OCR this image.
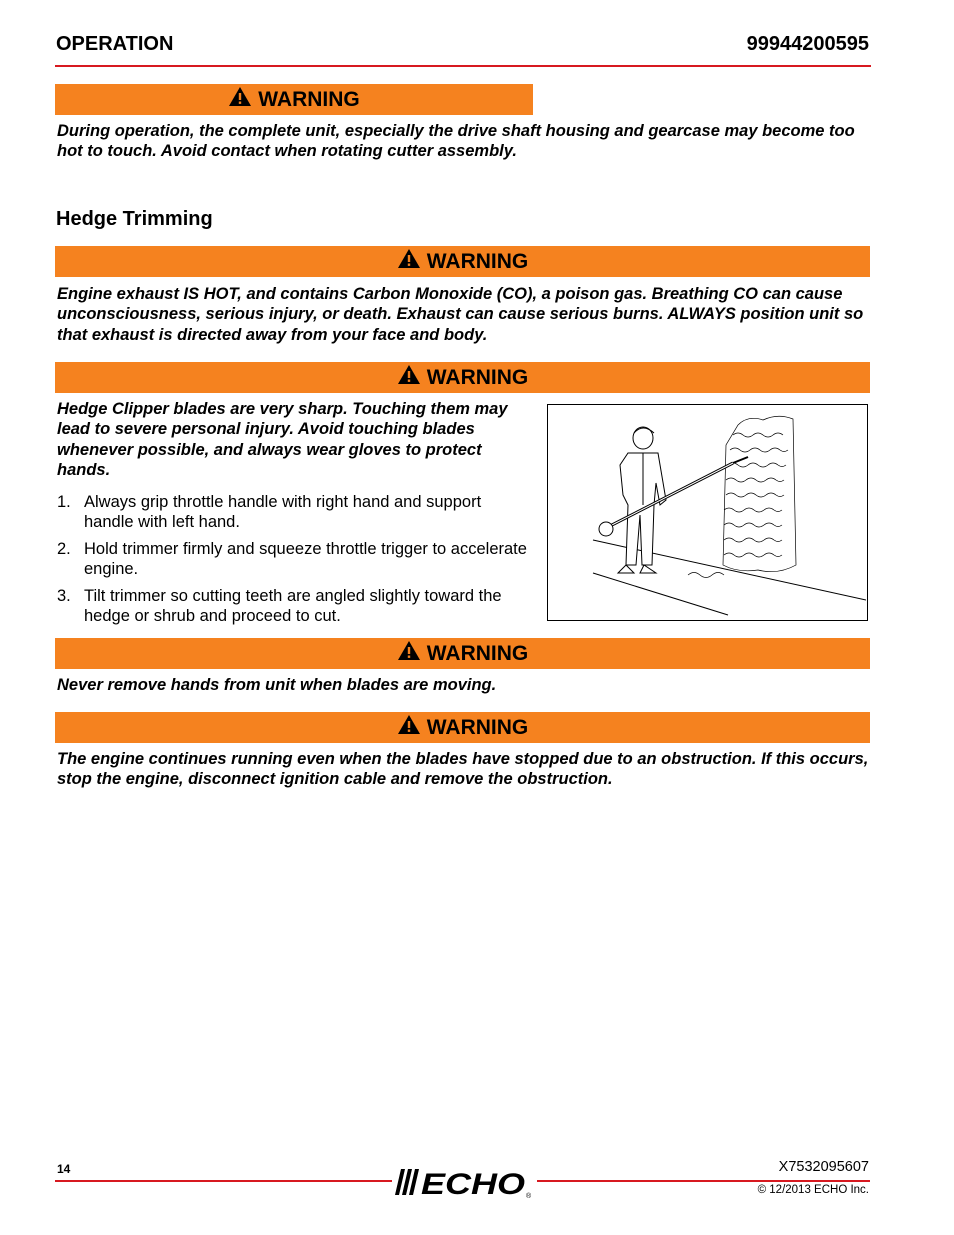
OPERATION	99944200595
WARNING
During operation, the complete unit, especially the drive shaft housing and gearcase may become too hot to touch. Avoid contact when rotating cutter assembly.
Hedge Trimming
WARNING
Engine exhaust IS HOT, and contains Carbon Monoxide (CO), a poison gas. Breathing CO can cause unconsciousness, serious injury, or death. Exhaust can cause serious burns. ALWAYS position unit so that exhaust is directed away from your face and body.
WARNING
Hedge Clipper blades are very sharp. Touching them may lead to severe personal injury. Avoid touching blades whenever possible, and always wear gloves to protect hands.
1. Always grip throttle handle with right hand and support handle with left hand.
2. Hold trimmer firmly and squeeze throttle trigger to accelerate engine.
3. Tilt trimmer so cutting teeth are angled slightly toward the hedge or shrub and proceed to cut.
WARNING
Never remove hands from unit when blades are moving.
WARNING
The engine continues running even when the blades have stopped due to an obstruction. If this occurs, stop the engine, disconnect ignition cable and remove the obstruction.
14	ECHO ®
X7532095607
© 12/2013 ECHO Inc.
